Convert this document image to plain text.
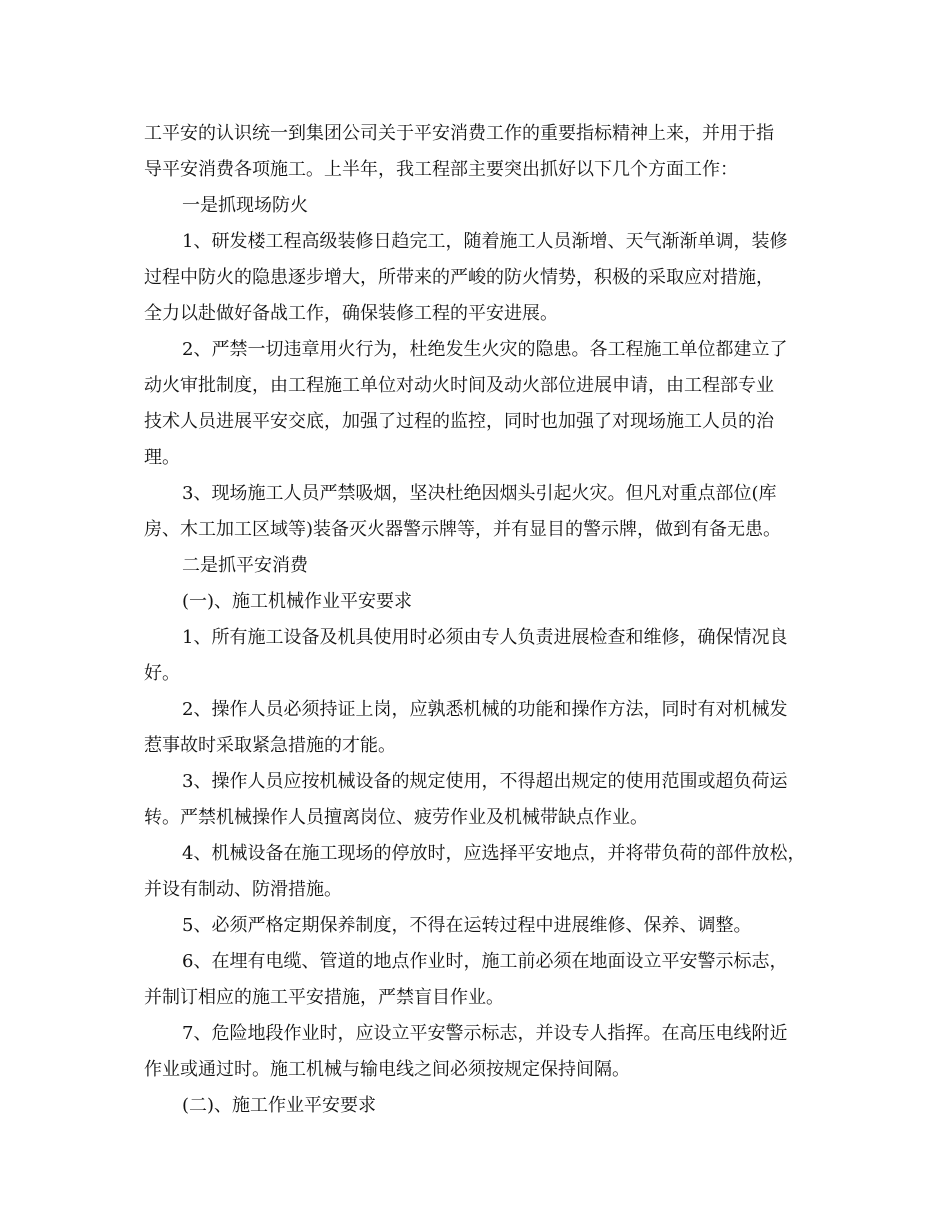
工平安的认识统一到集团公司关于平安消费工作的重要指标精神上来，并用于指
导平安消费各项施工。上半年，我工程部主要突出抓好以下几个方面工作：
一是抓现场防火
1、研发楼工程高级装修日趋完工，随着施工人员渐增、天气渐渐单调，装修
过程中防火的隐患逐步增大，所带来的严峻的防火情势，积极的采取应对措施，
全力以赴做好备战工作，确保装修工程的平安进展。
2、严禁一切违章用火行为，杜绝发生火灾的隐患。各工程施工单位都建立了
动火审批制度，由工程施工单位对动火时间及动火部位进展申请，由工程部专业
技术人员进展平安交底，加强了过程的监控，同时也加强了对现场施工人员的治
理。
3、现场施工人员严禁吸烟，坚决杜绝因烟头引起火灾。但凡对重点部位(库
房、木工加工区域等)装备灭火器警示牌等，并有显目的警示牌，做到有备无患。
二是抓平安消费
(一)、施工机械作业平安要求
1、所有施工设备及机具使用时必须由专人负责进展检查和维修，确保情况良
好。
2、操作人员必须持证上岗，应孰悉机械的功能和操作方法，同时有对机械发
惹事故时采取紧急措施的才能。
3、操作人员应按机械设备的规定使用，不得超出规定的使用范围或超负荷运
转。严禁机械操作人员擅离岗位、疲劳作业及机械带缺点作业。
4、机械设备在施工现场的停放时，应选择平安地点，并将带负荷的部件放松，
并设有制动、防滑措施。
5、必须严格定期保养制度，不得在运转过程中进展维修、保养、调整。
6、在埋有电缆、管道的地点作业时，施工前必须在地面设立平安警示标志，
并制订相应的施工平安措施，严禁盲目作业。
7、危险地段作业时，应设立平安警示标志，并设专人指挥。在高压电线附近
作业或通过时。施工机械与输电线之间必须按规定保持间隔。
(二)、施工作业平安要求
